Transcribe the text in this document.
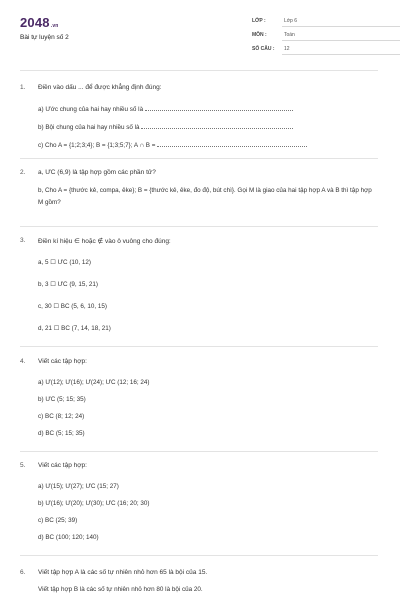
2048.vn
Bài tự luyện số 2
LỚP :	Lớp 6
MÔN :	Toán
SỐ CÂU :	12
1.	Điền vào dấu ... để được khẳng định đúng:
a) Ước chung của hai hay nhiều số là
b) Bội chung của hai hay nhiều số là
c) Cho A = {1;2;3;4}; B = {1;3;5;7}; A ∩ B =
2.	a, ƯC (6,9) là tập hợp gồm các phần tử?
b, Cho A = {thước kẻ, compa, êke}; B = {thước kẻ, êke, đo độ, bút chì}. Gọi M là giao của hai tập hợp A và B thì tập hợp M gồm?
3.	Điền kí hiệu ∈ hoặc ∉ vào ô vuông cho đúng:
a, 5 ☐ ƯC (10, 12)
b, 3 ☐ ƯC (9, 15, 21)
c, 30 ☐ BC (5, 6, 10, 15)
d, 21 ☐ BC (7, 14, 18, 21)
4.	Viết các tập hợp:
a) Ư(12); Ư(16); Ư(24); ƯC (12; 16; 24)
b) ƯC (5; 15; 35)
c) BC (8; 12; 24)
d) BC (5; 15; 35)
5.	Viết các tập hợp:
a) Ư(15); Ư(27); ƯC (15; 27)
b) Ư(16); Ư(20); Ư(30); ƯC (16; 20; 30)
c) BC (25; 39)
d) BC (100; 120; 140)
6.	Viết tập hợp A là các số tự nhiên nhỏ hơn 65 là bội của 15.
Viết tập hợp B là các số tự nhiên nhỏ hơn 80 là bội của 20.
